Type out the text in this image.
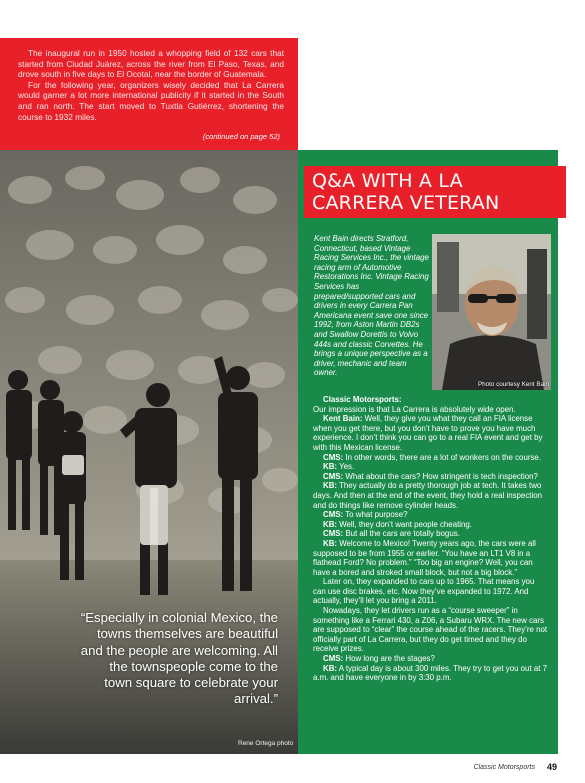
The inaugural run in 1950 hosted a whopping field of 132 cars that started from Ciudad Juárez, across the river from El Paso, Texas, and drove south in five days to El Ocotal, near the border of Guatemala.

For the following year, organizers wisely decided that La Carrera would garner a lot more international publicity if it started in the South and ran north. The start moved to Tuxtla Gutiérrez, shortening the course to 1932 miles.

(continued on page 52)

“Especially in colonial Mexico, the towns themselves are beautiful and the people are welcoming. All the townspeople come to the town square to celebrate your arrival.”

Rene Ortega photo
Q&A WITH A LA CARRERA VETERAN

Kent Bain directs Stratford, Connecticut, based Vintage Racing Services Inc., the vintage racing arm of Automotive Restorations Inc. Vintage Racing Services has prepared/supported cars and drivers in every Carrera Pan Americana event save one since 1992, from Aston Martin DB2s and Swallow Dorettis to Volvo 444s and classic Corvettes. He brings a unique perspective as a driver, mechanic and team owner.

Photo courtesy Kent Bain

Classic Motorsports:

Our impression is that La Carrera is absolutely wide open.

Kent Bain: Well, they give you what they call an FIA license when you get there, but you don’t have to prove you have much experience. I don’t think you can go to a real FIA event and get by with this Mexican license.

CMS: In other words, there are a lot of wonkers on the course.

KB: Yes.

CMS: What about the cars? How stringent is tech inspection?

KB: They actually do a pretty thorough job at tech. It takes two days. And then at the end of the event, they hold a real inspection and do things like remove cylinder heads.

CMS: To what purpose?

KB: Well, they don’t want people cheating.

CMS: But all the cars are totally bogus.

KB: Welcome to Mexico! Twenty years ago, the cars were all supposed to be from 1955 or earlier. “You have an LT1 V8 in a flathead Ford? No problem.” “Too big an engine? Well, you can have a bored and stroked small block, but not a big block.”

Later on, they expanded to cars up to 1965. That means you can use disc brakes, etc. Now they’ve expanded to 1972. And actually, they’ll let you bring a 2011.

Nowadays, they let drivers run as a “course sweeper” in something like a Ferrari 430, a Z06, a Subaru WRX. The new cars are supposed to “clear” the course ahead of the racers. They’re not officially part of La Carrera, but they do get timed and they do receive prizes.

CMS: How long are the stages?

KB: A typical day is about 300 miles. They try to get you out at 7 a.m. and have everyone in by 3:30 p.m.

Classic Motorsports 49
